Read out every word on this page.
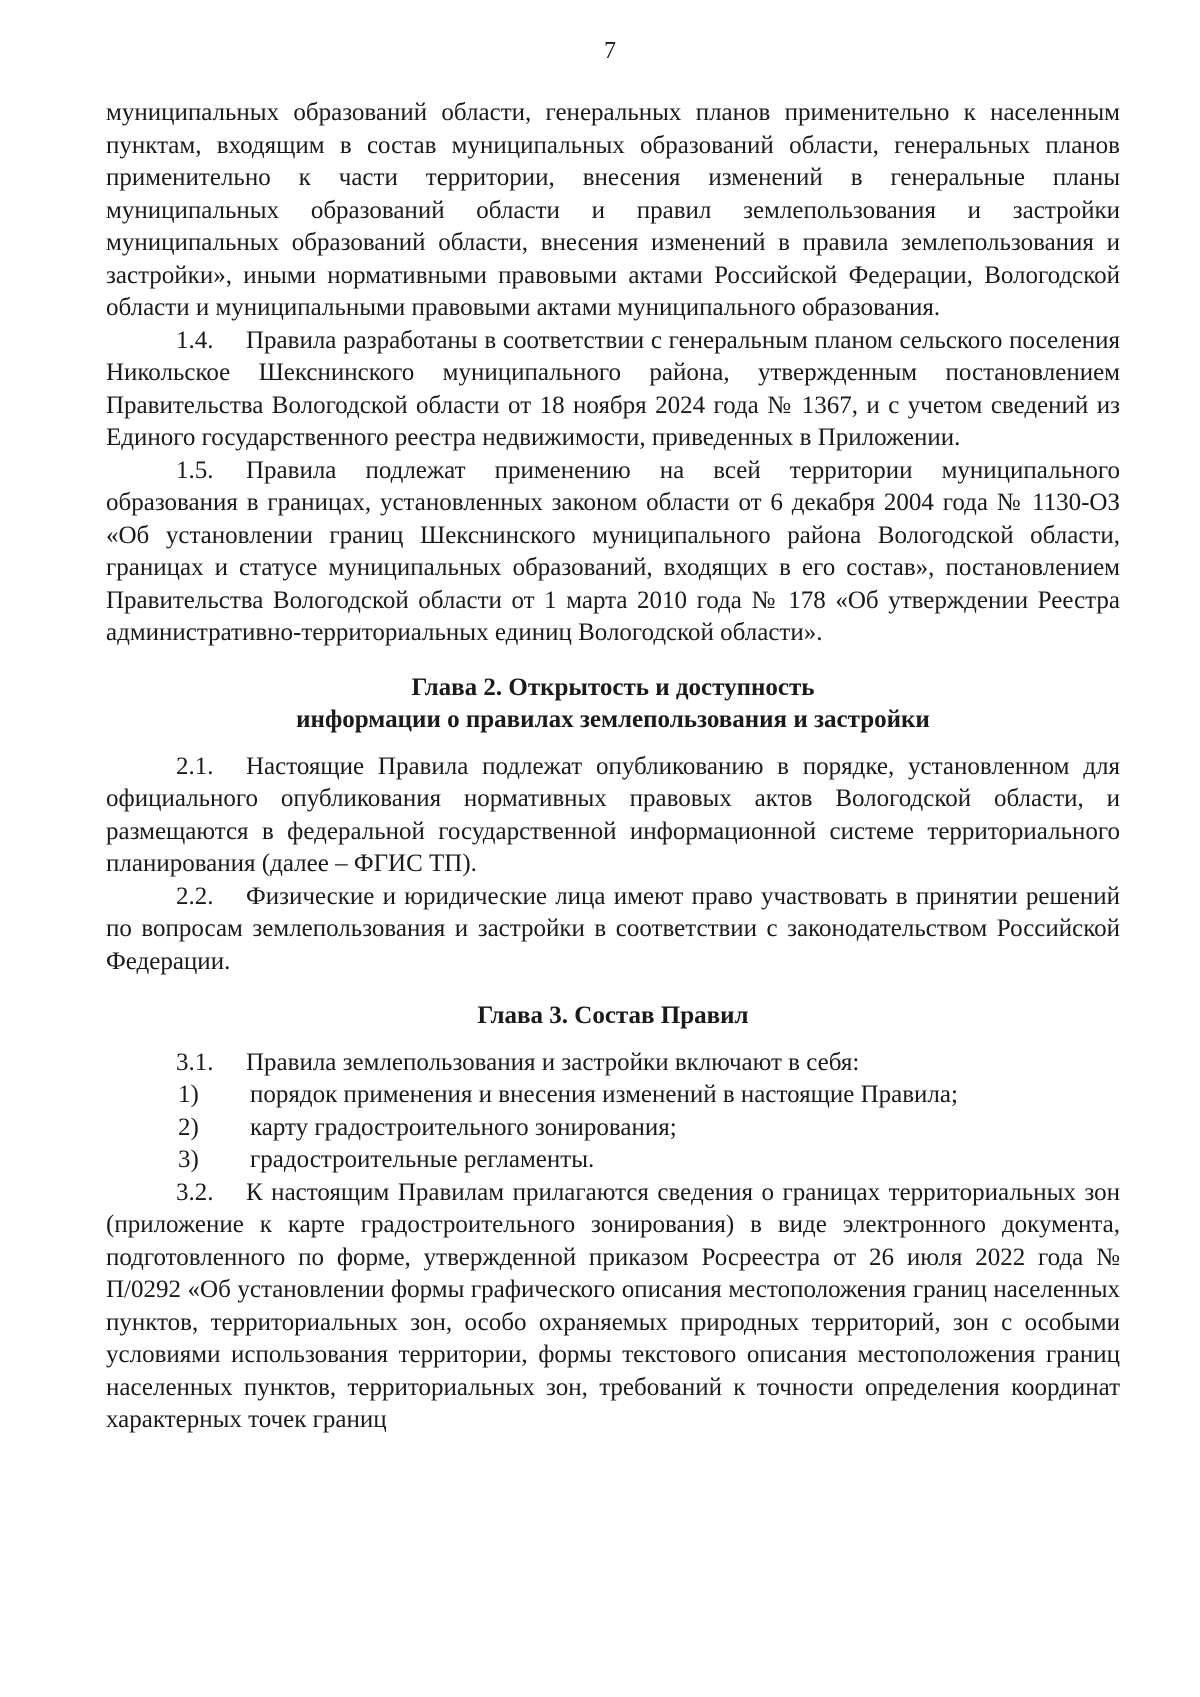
7

муниципальных образований области, генеральных планов применительно к населенным пунктам, входящим в состав муниципальных образований области, генеральных планов применительно к части территории, внесения изменений в генеральные планы муниципальных образований области и правил землепользования и застройки муниципальных образований области, внесения изменений в правила землепользования и застройки», иными нормативными правовыми актами Российской Федерации, Вологодской области и муниципальными правовыми актами муниципального образования.

1.4. Правила разработаны в соответствии с генеральным планом сельского поселения Никольское Шекснинского муниципального района, утвержденным постановлением Правительства Вологодской области от 18 ноября 2024 года № 1367, и с учетом сведений из Единого государственного реестра недвижимости, приведенных в Приложении.

1.5. Правила подлежат применению на всей территории муниципального образования в границах, установленных законом области от 6 декабря 2004 года № 1130-ОЗ «Об установлении границ Шекснинского муниципального района Вологодской области, границах и статусе муниципальных образований, входящих в его состав», постановлением Правительства Вологодской области от 1 марта 2010 года № 178 «Об утверждении Реестра административно-территориальных единиц Вологодской области».

Глава 2. Открытость и доступность
информации о правилах землепользования и застройки

2.1. Настоящие Правила подлежат опубликованию в порядке, установленном для официального опубликования нормативных правовых актов Вологодской области, и размещаются в федеральной государственной информационной системе территориального планирования (далее – ФГИС ТП).

2.2. Физические и юридические лица имеют право участвовать в принятии решений по вопросам землепользования и застройки в соответствии с законодательством Российской Федерации.

Глава 3. Состав Правил

3.1. Правила землепользования и застройки включают в себя:

1)	порядок применения и внесения изменений в настоящие Правила;
2)	карту градостроительного зонирования;
3)	градостроительные регламенты.

3.2. К настоящим Правилам прилагаются сведения о границах территориальных зон (приложение к карте градостроительного зонирования) в виде электронного документа, подготовленного по форме, утвержденной приказом Росреестра от 26 июля 2022 года № П/0292 «Об установлении формы графического описания местоположения границ населенных пунктов, территориальных зон, особо охраняемых природных территорий, зон с особыми условиями использования территории, формы текстового описания местоположения границ населенных пунктов, территориальных зон, требований к точности определения координат характерных точек границ
